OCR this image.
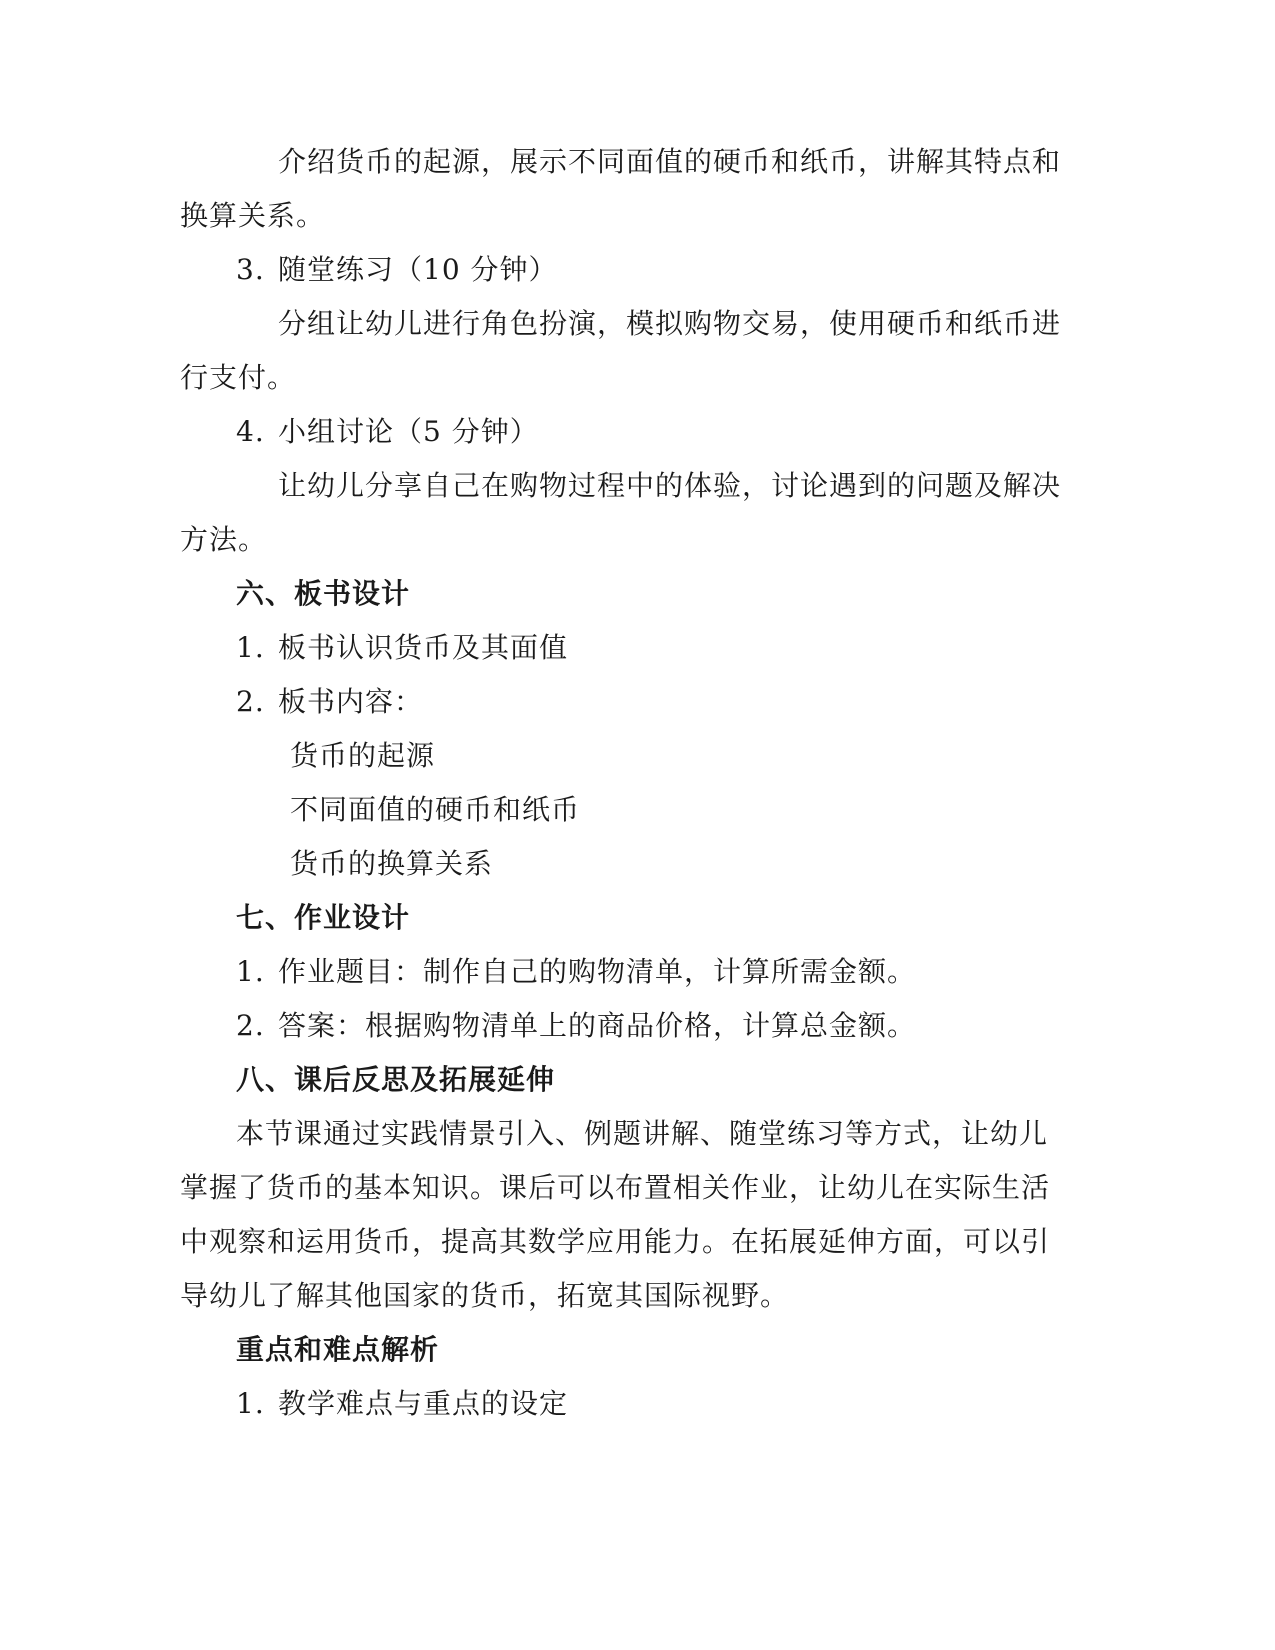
介绍货币的起源，展示不同面值的硬币和纸币，讲解其特点和
换算关系。
3. 随堂练习（10 分钟）
分组让幼儿进行角色扮演，模拟购物交易，使用硬币和纸币进
行支付。
4. 小组讨论（5 分钟）
让幼儿分享自己在购物过程中的体验，讨论遇到的问题及解决
方法。
六、板书设计
1. 板书认识货币及其面值
2. 板书内容：
货币的起源
不同面值的硬币和纸币
货币的换算关系
七、作业设计
1. 作业题目：制作自己的购物清单，计算所需金额。
2. 答案：根据购物清单上的商品价格，计算总金额。
八、课后反思及拓展延伸
本节课通过实践情景引入、例题讲解、随堂练习等方式，让幼儿
掌握了货币的基本知识。课后可以布置相关作业，让幼儿在实际生活
中观察和运用货币，提高其数学应用能力。在拓展延伸方面，可以引
导幼儿了解其他国家的货币，拓宽其国际视野。
重点和难点解析
1. 教学难点与重点的设定
